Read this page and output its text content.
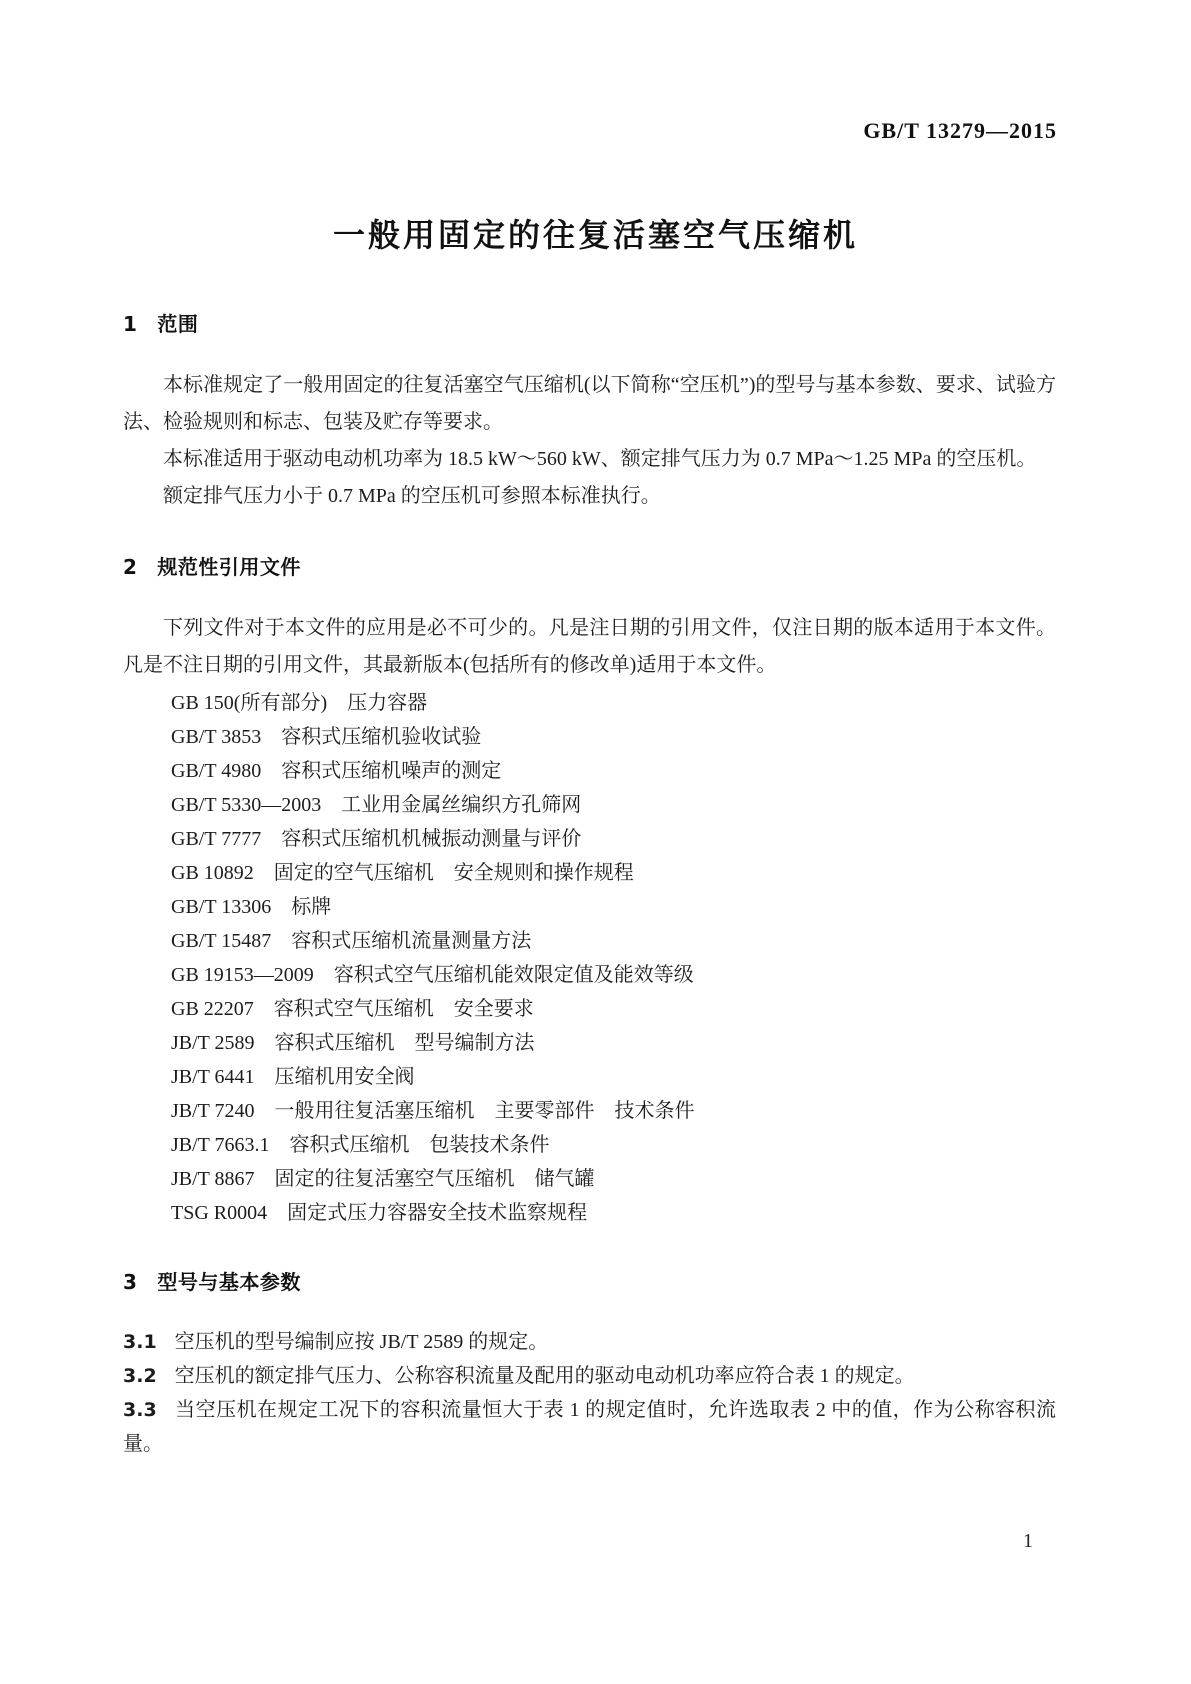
GB/T 13279—2015
一般用固定的往复活塞空气压缩机
1 范围

本标准规定了一般用固定的往复活塞空气压缩机(以下简称“空压机”)的型号与基本参数、要求、试验方法、检验规则和标志、包装及贮存等要求。

本标准适用于驱动电动机功率为 18.5 kW～560 kW、额定排气压力为 0.7 MPa～1.25 MPa 的空压机。

额定排气压力小于 0.7 MPa 的空压机可参照本标准执行。

2 规范性引用文件

下列文件对于本文件的应用是必不可少的。凡是注日期的引用文件，仅注日期的版本适用于本文件。凡是不注日期的引用文件，其最新版本(包括所有的修改单)适用于本文件。

GB 150(所有部分)　压力容器
GB/T 3853　容积式压缩机验收试验
GB/T 4980　容积式压缩机噪声的测定
GB/T 5330—2003　工业用金属丝编织方孔筛网
GB/T 7777　容积式压缩机机械振动测量与评价
GB 10892　固定的空气压缩机　安全规则和操作规程
GB/T 13306　标牌
GB/T 15487　容积式压缩机流量测量方法
GB 19153—2009　容积式空气压缩机能效限定值及能效等级
GB 22207　容积式空气压缩机　安全要求
JB/T 2589　容积式压缩机　型号编制方法
JB/T 6441　压缩机用安全阀
JB/T 7240　一般用往复活塞压缩机　主要零部件　技术条件
JB/T 7663.1　容积式压缩机　包装技术条件
JB/T 8867　固定的往复活塞空气压缩机　储气罐
TSG R0004　固定式压力容器安全技术监察规程
3 型号与基本参数

3.1 空压机的型号编制应按 JB/T 2589 的规定。

3.2 空压机的额定排气压力、公称容积流量及配用的驱动电动机功率应符合表 1 的规定。

3.3 当空压机在规定工况下的容积流量恒大于表 1 的规定值时，允许选取表 2 中的值，作为公称容积流量。

1
